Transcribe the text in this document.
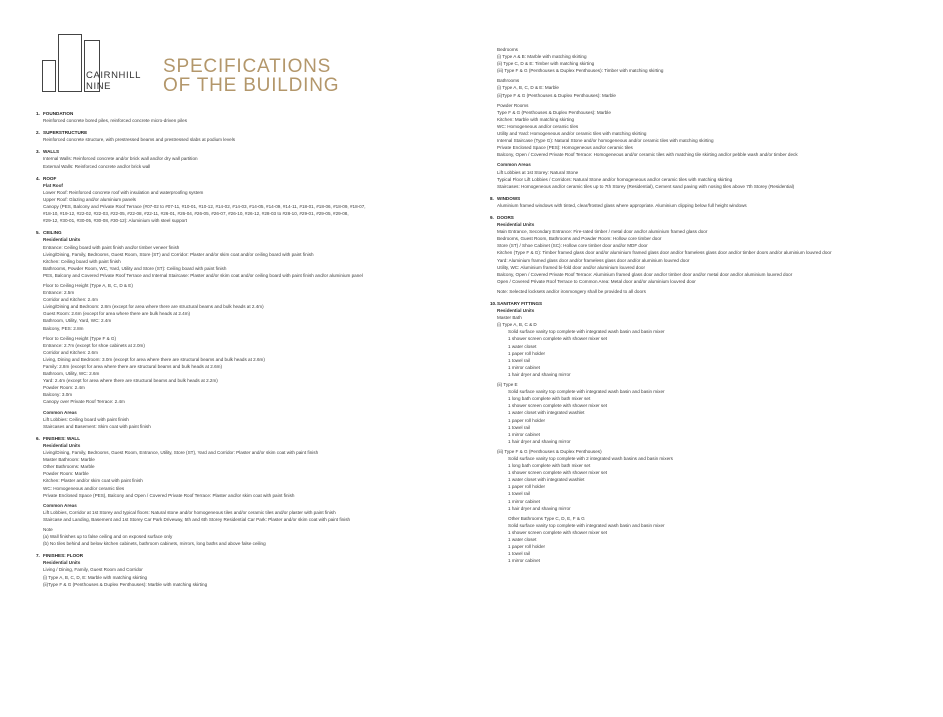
CAIRNHILL
NINE
SPECIFICATIONS
OF THE BUILDING
1. FOUNDATION
Reinforced concrete bored piles, reinforced concrete micro-driven piles
2. SUPERSTRUCTURE
Reinforced concrete structure, with prestressed beams and prestressed slabs at podium levels
3. WALLS
Internal Walls: Reinforced concrete and/or brick wall and/or dry wall partition
External Walls: Reinforced concrete and/or brick wall
4. ROOF
Flat Roof
Lower Roof: Reinforced concrete roof with insulation and waterproofing system
Upper Roof: Glazing and/or aluminium panels
Canopy (PES, Balcony and Private Roof Terrace (#07-02 to #07-11, #10-01, #10-12, #14-02, #14-03, #14-05, #14-09, #14-11, #18-01, #18-06, #18-09, #18-07,
#18-10, #19-12, #22-02, #22-03, #22-05, #22-08, #22-11, #26-01, #26-04, #26-05, #26-07, #26-10, #26-12, #28-03 to #28-10, #29-01, #29-05, #29-08,
#29-12, #30-01, #30-05, #30-08, #30-12): Aluminium with steel support
5. CEILING
Residential Units
Entrance: Ceiling board with paint finish and/or timber veneer finish
Living/Dining, Family, Bedrooms, Guest Room, Store (ST) and Corridor: Plaster and/or skim coat and/or ceiling board with paint finish
Kitchen: Ceiling board with paint finish
Bathrooms, Powder Room, WC, Yard, Utility and Store (ST): Ceiling board with paint finish
PES, Balcony and Covered Private Roof Terrace and Internal Staircase: Plaster and/or skim coat and/or ceiling board with paint finish and/or aluminium panel
Floor to Ceiling Height (Type A, B, C, D & E)
Entrance: 2.5m
Corridor and Kitchen: 2.4m
Living/Dining and Bedroom: 2.8m (except for area where there are structural beams and bulk heads at 2.4m)
Guest Room: 2.6m (except for area where there are bulk heads at 2.4m)
Bathroom, Utility, Yard, WC: 2.4m
Balcony, PES: 2.8m
Floor to Ceiling Height (Type F & G)
Entrance: 2.7m (except for shoe cabinets at 2.0m)
Corridor and Kitchen: 2.6m
Living, Dining and Bedroom: 3.0m (except for area where there are structural beams and bulk heads at 2.6m)
Family: 2.8m (except for area where there are structural beams and bulk heads at 2.6m)
Bathroom, Utility, WC: 2.6m
Yard: 2.4m (except for area where there are structural beams and bulk heads at 2.2m)
Powder Room: 2.4m
Balcony: 3.0m
Canopy over Private Roof Terrace: 2.4m
Common Areas
Lift Lobbies: Ceiling board with paint finish
Staircases and Basement: Skim coat with paint finish
6. FINISHES: WALL
Residential Units
Living/Dining, Family, Bedrooms, Guest Room, Entrance, Utility, Store (ST), Yard and Corridor: Plaster and/or skim coat with paint finish
Master Bathroom: Marble
Other Bathrooms: Marble
Powder Room: Marble
Kitchen: Plaster and/or skim coat with paint finish
WC: Homogeneous and/or ceramic tiles
Private Enclosed Space (PES), Balcony and Open / Covered Private Roof Terrace: Plaster and/or skim coat with paint finish
Common Areas
Lift Lobbies, Corridor at 1st Storey and typical floors: Natural stone and/or homogeneous tiles and/or ceramic tiles and/or plaster with paint finish
Staircase and Landing, Basement and 1st Storey Car Park Driveway, 5th and 6th Storey Residential Car Park: Plaster and/or skim coat with paint finish
Note
(a) Wall finishes up to false ceiling and on exposed surface only
(b) No tiles behind and below kitchen cabinets, bathroom cabinets, mirrors, long baths and above false ceiling
7. FINISHES: FLOOR
Residential Units
Living / Dining, Family, Guest Room and Corridor
(i) Type A, B, C, D, E: Marble with matching skirting
(ii)Type F & G (Penthouses & Duplex Penthouses): Marble with matching skirting
Bedrooms
(i) Type A & B: Marble with matching skirting
(ii) Type C, D & E: Timber with matching skirting
(iii) Type F & G (Penthouses & Duplex Penthouses): Timber with matching skirting
Bathrooms
(i) Type A, B, C, D & E: Marble
(ii)Type F & G (Penthouses & Duplex Penthouses): Marble
Powder Rooms
Type F & G (Penthouses & Duplex Penthouses): Marble
Kitchen: Marble with matching skirting
WC: Homogeneous and/or ceramic tiles
Utility and Yard: Homogeneous and/or ceramic tiles with matching skirting
Internal Staircase (Type G): Natural Stone and/or homogeneous and/or ceramic tiles with matching skirting
Private Enclosed Space (PES): Homogeneous and/or ceramic tiles
Balcony, Open / Covered Private Roof Terrace: Homogeneous and/or ceramic tiles with matching tile skirting and/or pebble wash and/or timber deck
Common Areas
Lift Lobbies at 1st Storey: Natural Stone
Typical Floor Lift Lobbies / Corridors: Natural Stone and/or homogeneous and/or ceramic tiles with matching skirting
Staircases: Homogeneous and/or ceramic tiles up to 7th Storey (Residential), Cement sand paving with nosing tiles above 7th Storey (Residential)
8. WINDOWS
Aluminium framed windows with tinted, clear/frosted glass where appropriate. Aluminium clipping below full height windows
9. DOORS
Residential Units
Main Entrance, Secondary Entrance: Fire-rated timber / metal door and/or aluminium framed glass door
Bedrooms, Guest Room, Bathrooms and Powder Room: Hollow core timber door
Store (ST) / Shoe Cabinet (SC): Hollow core timber door and/or MDF door
Kitchen (Type F & G): Timber framed glass door and/or aluminium framed glass door and/or frameless glass door and/or timber doors and/or aluminium louvred door
Yard: Aluminium framed glass door and/or frameless glass door and/or aluminium louvred door
Utility, WC: Aluminium framed bi-fold door and/or aluminium louvred door
Balcony, Open / Covered Private Roof Terrace: Aluminium framed glass door and/or timber door and/or metal door and/or aluminium louvred door
Open / Covered Private Roof Terrace to Common Area: Metal door and/or aluminium louvred door
Note: Selected locksets and/or ironmongery shall be provided to all doors
10. SANITARY FITTINGS
Residential Units
Master Bath
(i) Type A, B, C & D
Solid surface vanity top complete with integrated wash basin and basin mixer
1 shower screen complete with shower mixer set
1 water closet
1 paper roll holder
1 towel rail
1 mirror cabinet
1 hair dryer and shaving mirror
(ii) Type E
Solid surface vanity top complete with integrated wash basin and basin mixer
1 long bath complete with bath mixer set
1 shower screen complete with shower mixer set
1 water closet with integrated washlet
1 paper roll holder
1 towel rail
1 mirror cabinet
1 hair dryer and shaving mirror
(iii) Type F & G (Penthouses & Duplex Penthouses)
Solid surface vanity top complete with 2 integrated wash basins and basin mixers
1 long bath complete with bath mixer set
1 shower screen complete with shower mixer set
1 water closet with integrated washlet
1 paper roll holder
1 towel rail
1 mirror cabinet
1 hair dryer and shaving mirror
Other Bathrooms Type C, D, E, F & G
Solid surface vanity top complete with integrated wash basin and basin mixer
1 shower screen complete with shower mixer set
1 water closet
1 paper roll holder
1 towel rail
1 mirror cabinet
